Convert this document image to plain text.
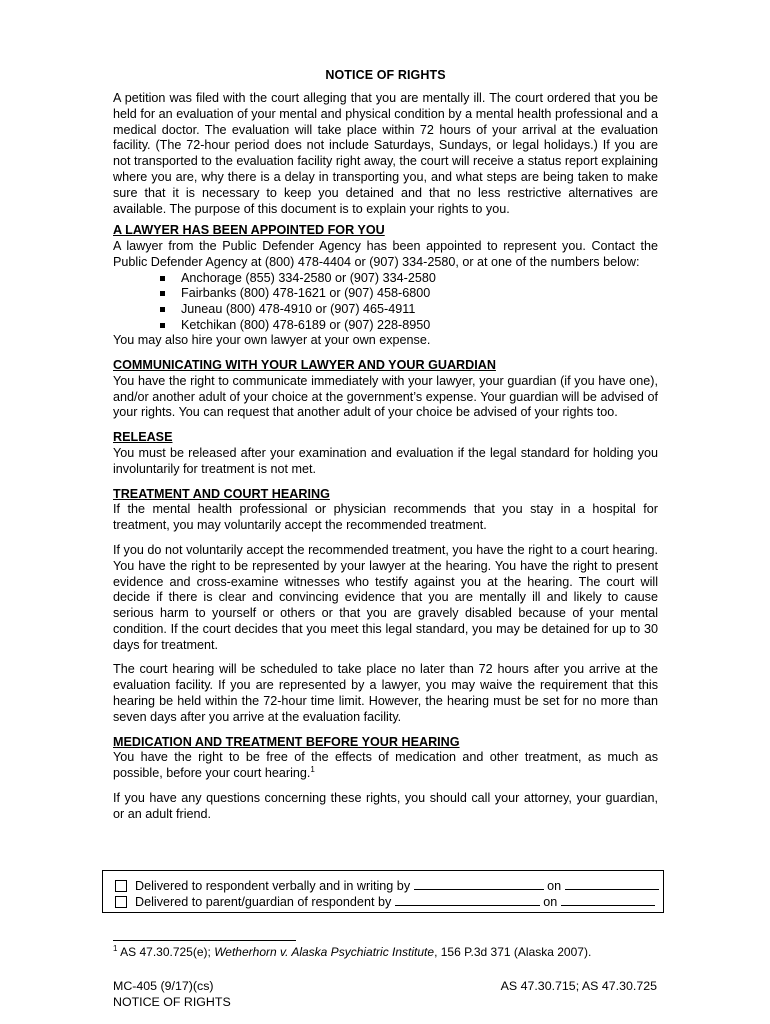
NOTICE OF RIGHTS

A petition was filed with the court alleging that you are mentally ill. The court ordered that you be held for an evaluation of your mental and physical condition by a mental health professional and a medical doctor. The evaluation will take place within 72 hours of your arrival at the evaluation facility. (The 72-hour period does not include Saturdays, Sundays, or legal holidays.) If you are not transported to the evaluation facility right away, the court will receive a status report explaining where you are, why there is a delay in transporting you, and what steps are being taken to make sure that it is necessary to keep you detained and that no less restrictive alternatives are available. The purpose of this document is to explain your rights to you.

A LAWYER HAS BEEN APPOINTED FOR YOU

A lawyer from the Public Defender Agency has been appointed to represent you. Contact the Public Defender Agency at (800) 478-4404 or (907) 334-2580, or at one of the numbers below:

Anchorage (855) 334-2580 or (907) 334-2580
Fairbanks (800) 478-1621 or (907) 458-6800
Juneau (800) 478-4910 or (907) 465-4911
Ketchikan (800) 478-6189 or (907) 228-8950

You may also hire your own lawyer at your own expense.

COMMUNICATING WITH YOUR LAWYER AND YOUR GUARDIAN

You have the right to communicate immediately with your lawyer, your guardian (if you have one), and/or another adult of your choice at the government’s expense. Your guardian will be advised of your rights. You can request that another adult of your choice be advised of your rights too.

RELEASE

You must be released after your examination and evaluation if the legal standard for holding you involuntarily for treatment is not met.

TREATMENT AND COURT HEARING

If the mental health professional or physician recommends that you stay in a hospital for treatment, you may voluntarily accept the recommended treatment.

If you do not voluntarily accept the recommended treatment, you have the right to a court hearing. You have the right to be represented by your lawyer at the hearing. You have the right to present evidence and cross-examine witnesses who testify against you at the hearing. The court will decide if there is clear and convincing evidence that you are mentally ill and likely to cause serious harm to yourself or others or that you are gravely disabled because of your mental condition. If the court decides that you meet this legal standard, you may be detained for up to 30 days for treatment.

The court hearing will be scheduled to take place no later than 72 hours after you arrive at the evaluation facility. If you are represented by a lawyer, you may waive the requirement that this hearing be held within the 72-hour time limit. However, the hearing must be set for no more than seven days after you arrive at the evaluation facility.

MEDICATION AND TREATMENT BEFORE YOUR HEARING

You have the right to be free of the effects of medication and other treatment, as much as possible, before your court hearing.$^1$

If you have any questions concerning these rights, you should call your attorney, your guardian, or an adult friend.

Delivered to respondent verbally and in writing by	on
Delivered to parent/guardian of respondent by	on
$^1$ AS 47.30.725(e); Wetherhorn v. Alaska Psychiatric Institute, 156 P.3d 371 (Alaska 2007).
MC-405 (9/17)(cs)
NOTICE OF RIGHTS
AS 47.30.715; AS 47.30.725
